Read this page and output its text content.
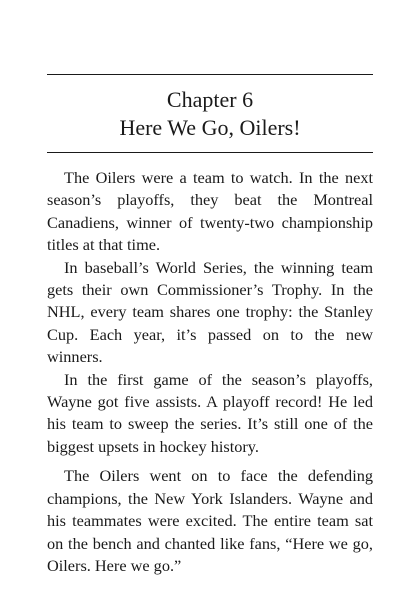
Chapter 6
Here We Go, Oilers!

The Oilers were a team to watch. In the next season’s playoffs, they beat the Montreal Canadiens, winner of twenty-two championship titles at that time.

In baseball’s World Series, the winning team gets their own Commissioner’s Trophy. In the NHL, every team shares one trophy: the Stanley Cup. Each year, it’s passed on to the new winners.

In the first game of the season’s playoffs, Wayne got five assists. A playoff record! He led his team to sweep the series. It’s still one of the biggest upsets in hockey history.

The Oilers went on to face the defending champions, the New York Islanders. Wayne and his teammates were excited. The entire team sat on the bench and chanted like fans, “Here we go, Oilers. Here we go.”
